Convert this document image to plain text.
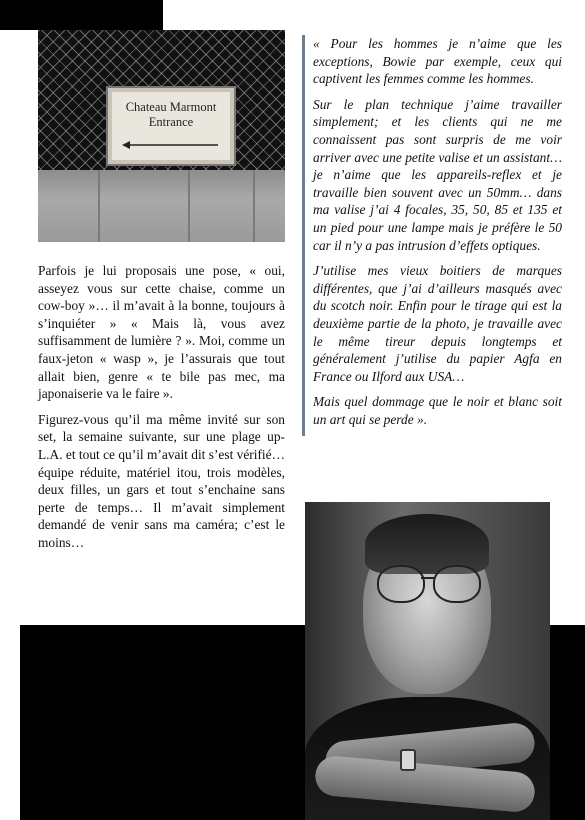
Chateau Marmont
Entrance

Parfois je lui proposais une pose, « oui, asseyez vous sur cette chaise, comme un cow-boy »… il m’avait à la bonne, toujours à s’inquiéter » « Mais là, vous avez suffisamment de lumière ? ». Moi, comme un faux-jeton « wasp », je l’assurais que tout allait bien, genre « te bile pas mec, ma japonaiserie va le faire ».

Figurez-vous qu’il ma même invité sur son set, la semaine suivante, sur une plage up-L.A. et tout ce qu’il m’avait dit s’est vérifié… équipe réduite, matériel itou, trois modèles, deux filles, un gars et tout s’enchaine sans perte de temps… Il m’avait simplement demandé de venir sans ma caméra; c’est le moins…

« Pour les hommes je n’aime que les exceptions, Bowie par exemple, ceux qui captivent les femmes comme les hommes.

Sur le plan technique j’aime travailler simplement; et les clients qui ne me connaissent pas sont surpris de me voir arriver avec une petite valise et un assistant… je n’aime que les appareils-reflex et je travaille bien souvent avec un 50mm… dans ma valise j’ai 4 focales, 35, 50, 85 et 135 et un pied pour une lampe mais je préfère le 50 car il n’y a pas intrusion d’effets optiques.

J’utilise mes vieux boitiers de marques différentes, que j’ai d’ailleurs masqués avec du scotch noir. Enfin pour le tirage qui est la deuxième partie de la photo, je travaille avec le même tireur depuis longtemps et généralement j’utilise du papier Agfa en France ou Ilford aux USA…

Mais quel dommage que le noir et blanc soit un art qui se perde ».
